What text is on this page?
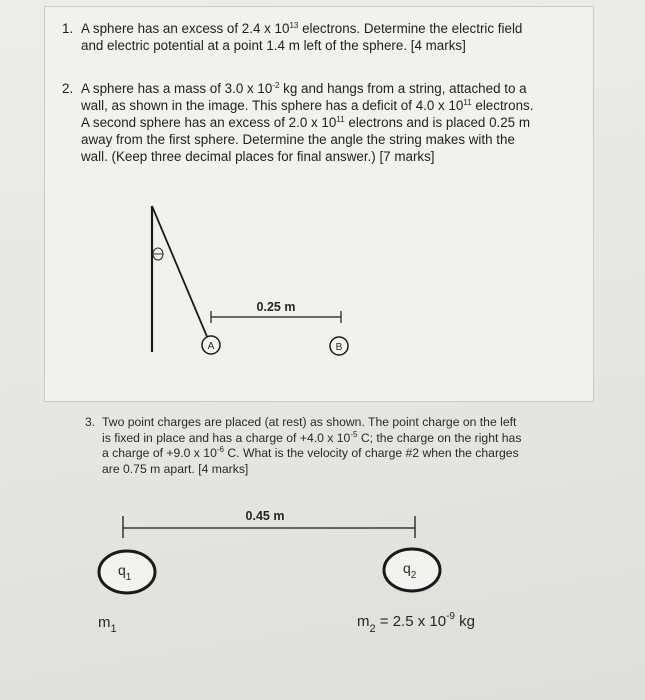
1. A sphere has an excess of 2.4 x $10^{13}$ electrons. Determine the electric field
and electric potential at a point 1.4 m left of the sphere. [4 marks]
2. A sphere has a mass of 3.0 x $10^{-2}$ kg and hangs from a string, attached to a
wall, as shown in the image. This sphere has a deficit of 4.0 x $10^{11}$ electrons.
A second sphere has an excess of 2.0 x $10^{11}$ electrons and is placed 0.25 m
away from the first sphere. Determine the angle the string makes with the
wall. (Keep three decimal places for final answer.) [7 marks]
A	B
0.25 m
0.45 m
$q_1$
$q_2$
$m_1$	$m_2 = 2.5$ x $10^{-9}$ kg
3. Two point charges are placed (at rest) as shown. The point charge on the left
is fixed in place and has a charge of +4.0 x $10^{-5}$ C; the charge on the right has
a charge of +9.0 x $10^{-6}$ C. What is the velocity of charge #2 when the charges
are 0.75 m apart. [4 marks]
